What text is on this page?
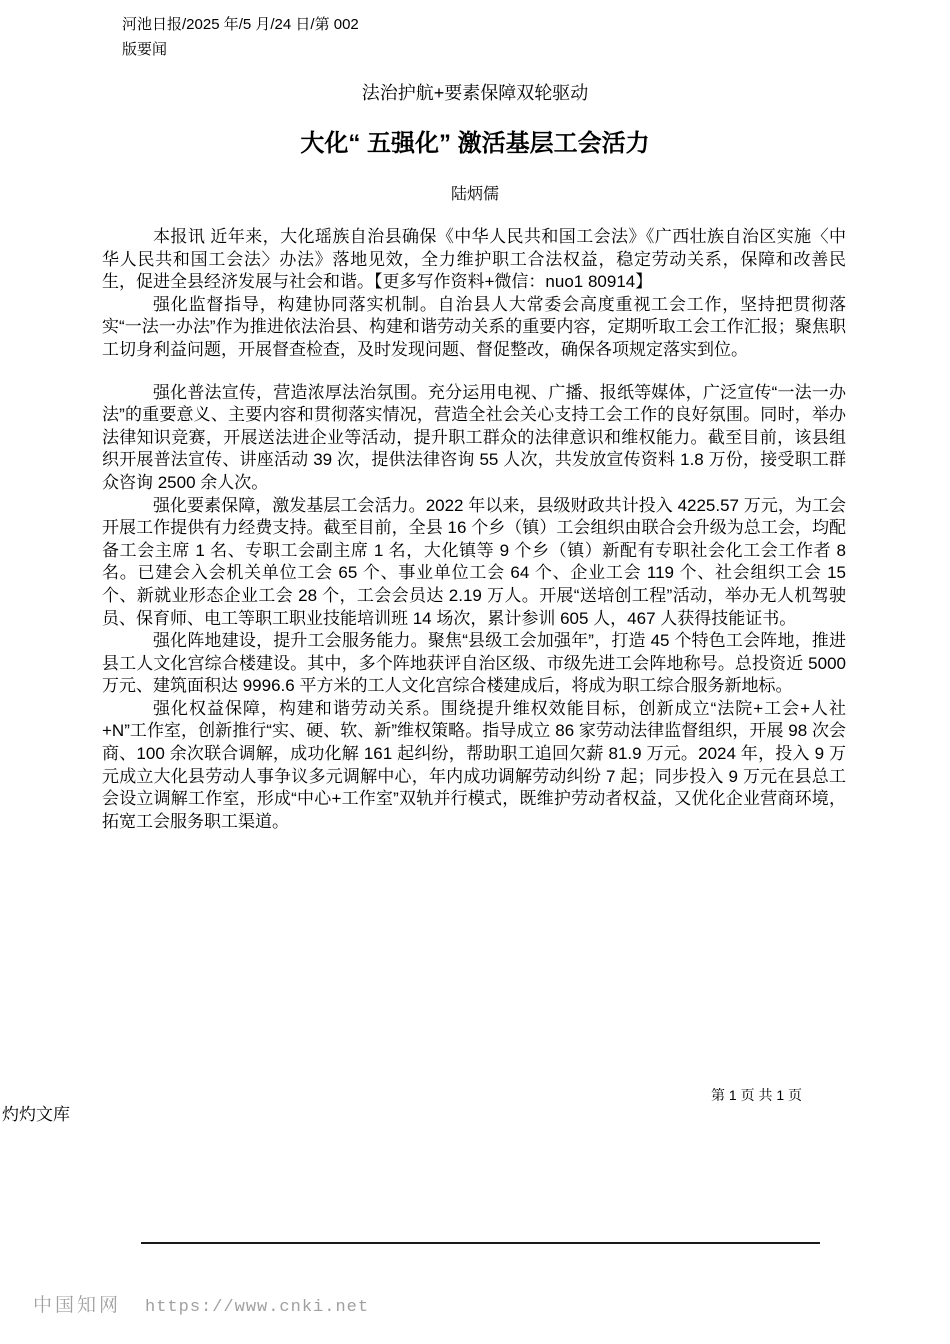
河池日报/2025 年/5 月/24 日/第 002
版要闻
法治护航+要素保障双轮驱动
大化“ 五强化” 激活基层工会活力
陆炳儒

本报讯 近年来，大化瑶族自治县确保《中华人民共和国工会法》《广西壮族自治区实施〈中华人民共和国工会法〉办法》落地见效，全力维护职工合法权益，稳定劳动关系，保障和改善民生，促进全县经济发展与社会和谐。【更多写作资料+微信：nuo1 80914】

强化监督指导，构建协同落实机制。自治县人大常委会高度重视工会工作，坚持把贯彻落实“一法一办法”作为推进依法治县、构建和谐劳动关系的重要内容，定期听取工会工作汇报；聚焦职工切身利益问题，开展督查检查，及时发现问题、督促整改，确保各项规定落实到位。

强化普法宣传，营造浓厚法治氛围。充分运用电视、广播、报纸等媒体，广泛宣传“一法一办法”的重要意义、主要内容和贯彻落实情况，营造全社会关心支持工会工作的良好氛围。同时，举办法律知识竞赛，开展送法进企业等活动，提升职工群众的法律意识和维权能力。截至目前，该县组织开展普法宣传、讲座活动 39 次，提供法律咨询 55 人次，共发放宣传资料 1.8 万份，接受职工群众咨询 2500 余人次。

强化要素保障，激发基层工会活力。2022 年以来，县级财政共计投入 4225.57 万元，为工会开展工作提供有力经费支持。截至目前，全县 16 个乡（镇）工会组织由联合会升级为总工会，均配备工会主席 1 名、专职工会副主席 1 名，大化镇等 9 个乡（镇）新配有专职社会化工会工作者 8 名。已建会入会机关单位工会 65 个、事业单位工会 64 个、企业工会 119 个、社会组织工会 15 个、新就业形态企业工会 28 个，工会会员达 2.19 万人。开展“送培创工程”活动，举办无人机驾驶员、保育师、电工等职工职业技能培训班 14 场次，累计参训 605 人，467 人获得技能证书。

强化阵地建设，提升工会服务能力。聚焦“县级工会加强年”，打造 45 个特色工会阵地，推进县工人文化宫综合楼建设。其中，多个阵地获评自治区级、市级先进工会阵地称号。总投资近 5000 万元、建筑面积达 9996.6 平方米的工人文化宫综合楼建成后，将成为职工综合服务新地标。

强化权益保障，构建和谐劳动关系。围绕提升维权效能目标，创新成立“法院+工会+人社+N”工作室，创新推行“实、硬、软、新”维权策略。指导成立 86 家劳动法律监督组织，开展 98 次会商、100 余次联合调解，成功化解 161 起纠纷，帮助职工追回欠薪 81.9 万元。2024 年，投入 9 万元成立大化县劳动人事争议多元调解中心，年内成功调解劳动纠纷 7 起；同步投入 9 万元在县总工会设立调解工作室，形成“中心+工作室”双轨并行模式，既维护劳动者权益，又优化企业营商环境，拓宽工会服务职工渠道。

第 1 页 共 1 页
灼灼文库
中国知网 https://www.cnki.net
